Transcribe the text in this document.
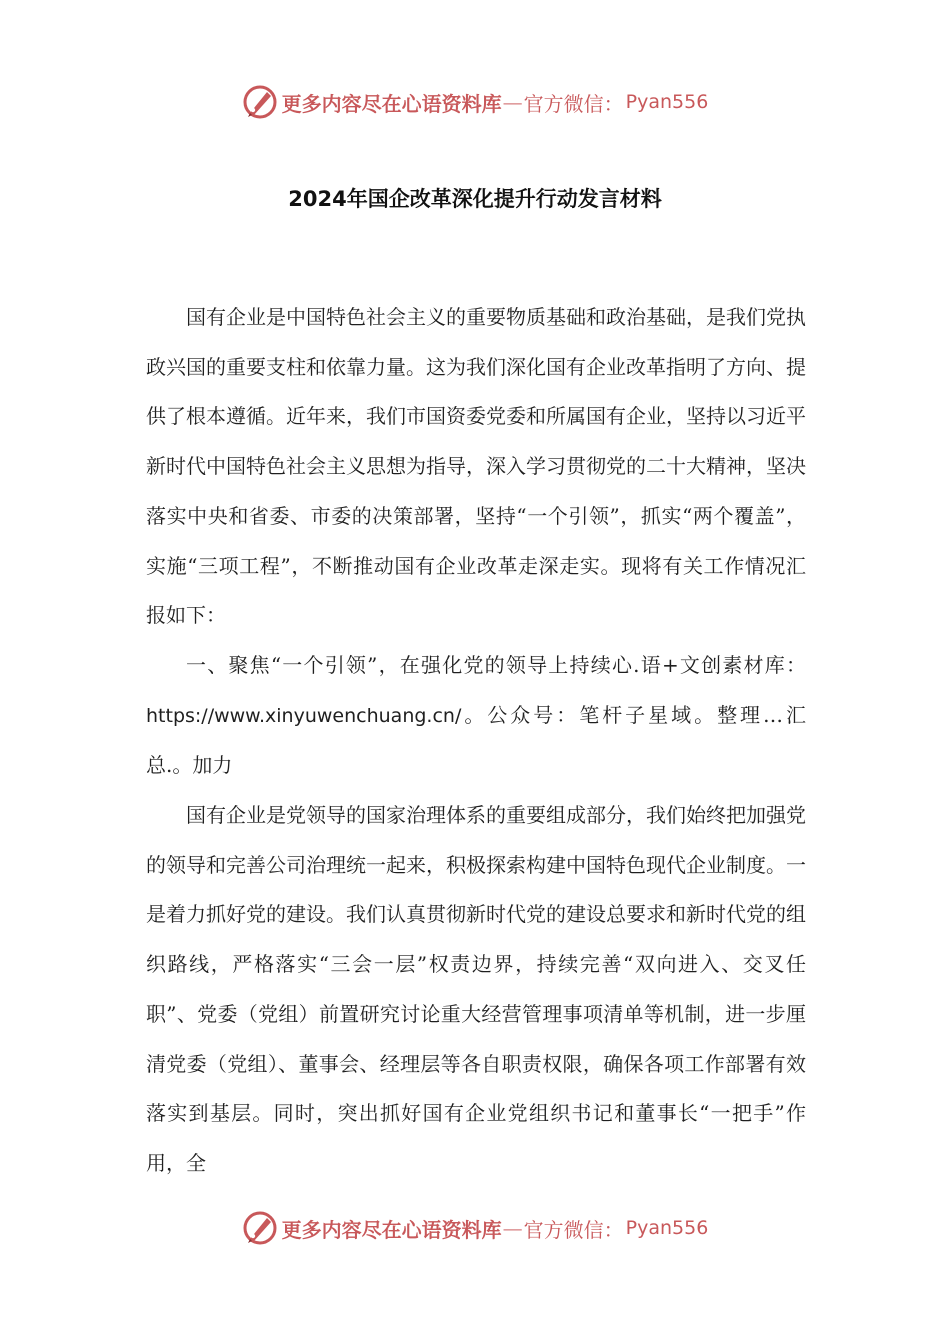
更多内容尽在心语资料库 — 官方微信： Pyan556
2024年国企改革深化提升行动发言材料

国有企业是中国特色社会主义的重要物质基础和政治基础，是我们党执政兴国的重要支柱和依靠力量。这为我们深化国有企业改革指明了方向、提供了根本遵循。近年来，我们市国资委党委和所属国有企业，坚持以习近平新时代中国特色社会主义思想为指导，深入学习贯彻党的二十大精神，坚决落实中央和省委、市委的决策部署，坚持“一个引领”，抓实“两个覆盖”，实施“三项工程”，不断推动国有企业改革走深走实。现将有关工作情况汇报如下：

一、聚焦“一个引领”，在强化党的领导上持续心.语+文创素材库：https://www.xinyuwenchuang.cn/。公众号：笔杆子星域。整理…汇总.。加力

国有企业是党领导的国家治理体系的重要组成部分，我们始终把加强党的领导和完善公司治理统一起来，积极探索构建中国特色现代企业制度。一是着力抓好党的建设。我们认真贯彻新时代党的建设总要求和新时代党的组织路线，严格落实“三会一层”权责边界，持续完善“双向进入、交叉任职”、党委（党组）前置研究讨论重大经营管理事项清单等机制，进一步厘清党委（党组）、董事会、经理层等各自职责权限，确保各项工作部署有效落实到基层。同时，突出抓好国有企业党组织书记和董事长“一把手”作用，全

更多内容尽在心语资料库 — 官方微信： Pyan556
